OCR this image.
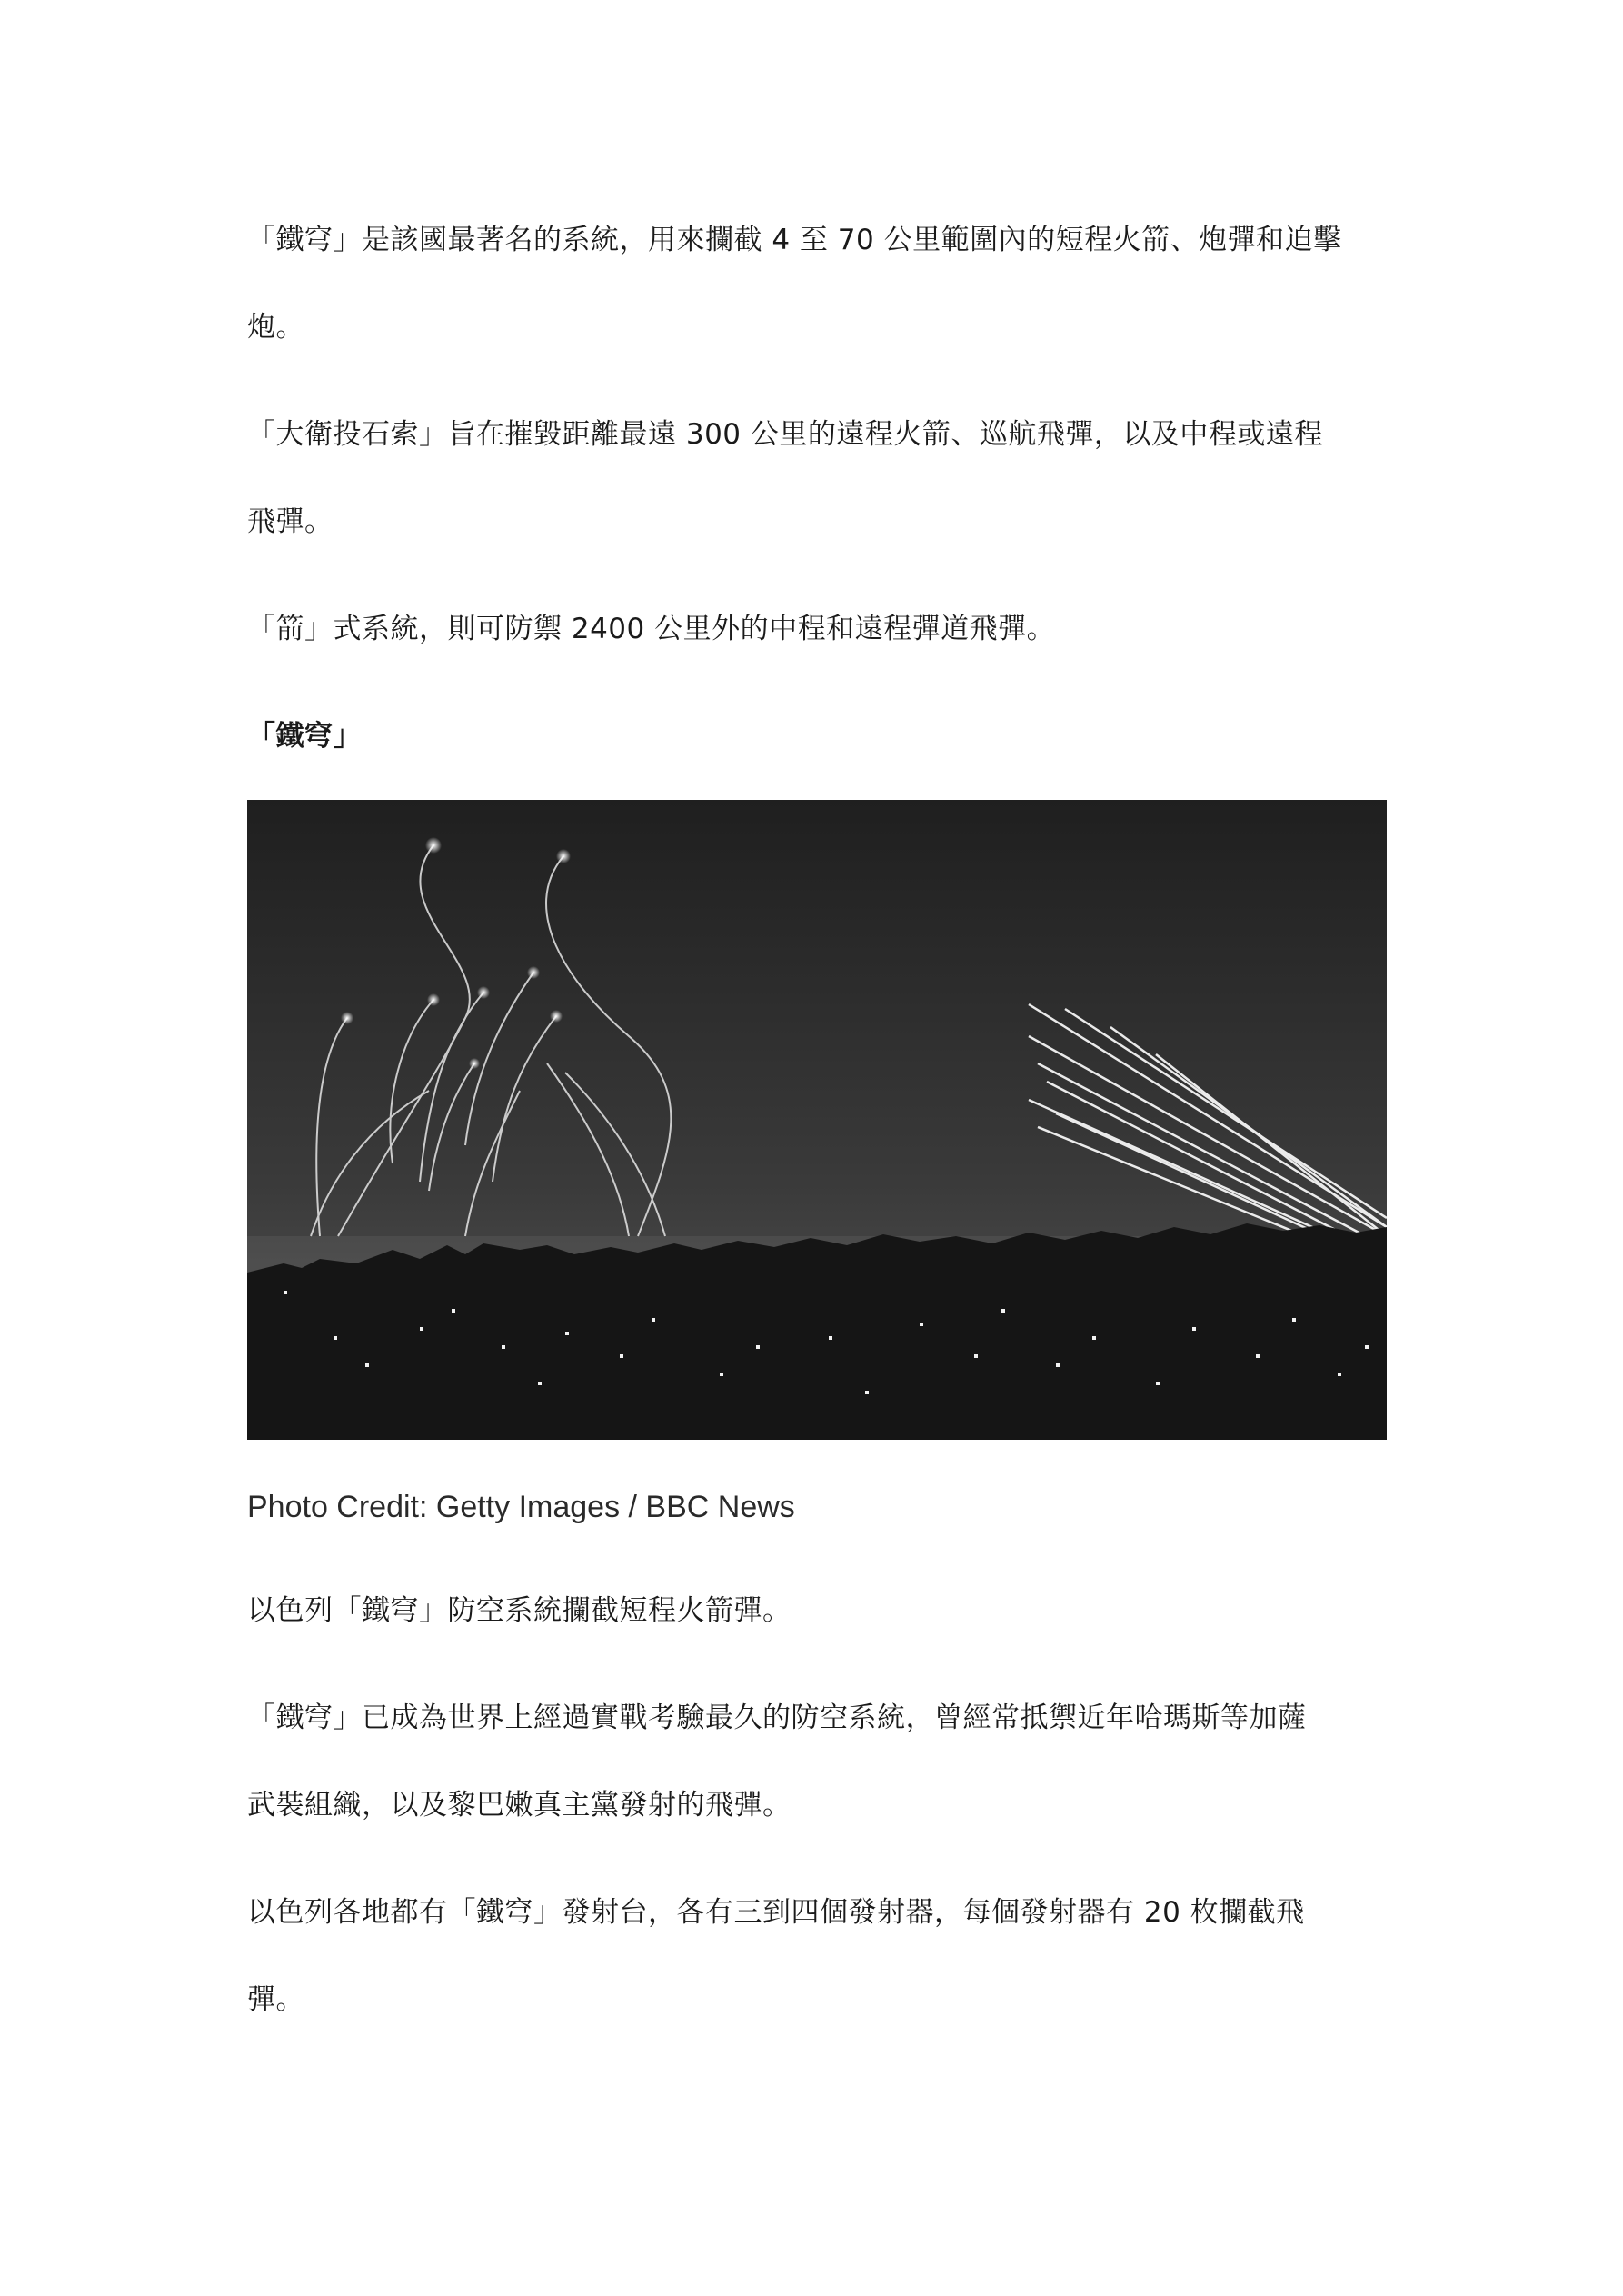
「鐵穹」是該國最著名的系統，用來攔截 4 至 70 公里範圍內的短程火箭、炮彈和迫擊
炮。
「大衛投石索」旨在摧毀距離最遠 300 公里的遠程火箭、巡航飛彈，以及中程或遠程
飛彈。
「箭」式系統，則可防禦 2400 公里外的中程和遠程彈道飛彈。
「鐵穹」
Photo Credit: Getty Images / BBC News
以色列「鐵穹」防空系統攔截短程火箭彈。
「鐵穹」已成為世界上經過實戰考驗最久的防空系統，曾經常抵禦近年哈瑪斯等加薩
武裝組織，以及黎巴嫩真主黨發射的飛彈。
以色列各地都有「鐵穹」發射台，各有三到四個發射器，每個發射器有 20 枚攔截飛
彈。
